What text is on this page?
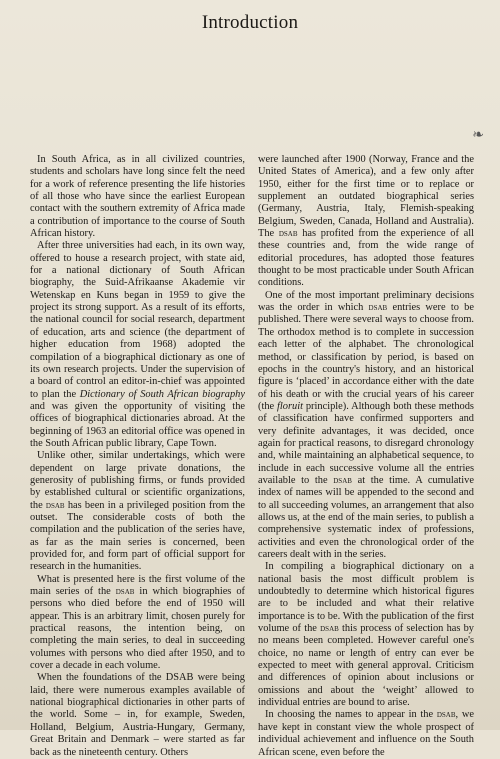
Introduction
❧

In South Africa, as in all civilized countries, students and scholars have long since felt the need for a work of reference presenting the life histories of all those who have since the earliest European contact with the southern extremity of Africa made a contribution of importance to the course of South African history.

After three universities had each, in its own way, offered to house a research project, with state aid, for a national dictionary of South African biography, the Suid-Afrikaanse Akademie vir Wetenskap en Kuns began in 1959 to give the project its strong support. As a result of its efforts, the national council for social research, department of education, arts and science (the department of higher education from 1968) adopted the compilation of a biographical dictionary as one of its own research projects. Under the supervision of a board of control an editor-in-chief was appointed to plan the Dictionary of South African biography and was given the opportunity of visiting the offices of biographical dictionaries abroad. At the beginning of 1963 an editorial office was opened in the South African public library, Cape Town.

Unlike other, similar undertakings, which were dependent on large private donations, the generosity of publishing firms, or funds provided by established cultural or scientific organizations, the dsab has been in a privileged position from the outset. The considerable costs of both the compilation and the publication of the series have, as far as the main series is concerned, been provided for, and form part of official support for research in the humanities.

What is presented here is the first volume of the main series of the dsab in which biographies of persons who died before the end of 1950 will appear. This is an arbitrary limit, chosen purely for practical reasons, the intention being, on completing the main series, to deal in succeeding volumes with persons who died after 1950, and to cover a decade in each volume.

When the foundations of the DSAB were being laid, there were numerous examples available of national biographical dictionaries in other parts of the world. Some – in, for example, Sweden, Holland, Belgium, Austria-Hungary, Germany, Great Britain and Denmark – were started as far back as the nineteenth century. Others

were launched after 1900 (Norway, France and the United States of America), and a few only after 1950, either for the first time or to replace or supplement an outdated biographical series (Germany, Austria, Italy, Flemish-speaking Belgium, Sweden, Canada, Holland and Australia). The dsab has profited from the experience of all these countries and, from the wide range of editorial procedures, has adopted those features thought to be most practicable under South African conditions.

One of the most important preliminary decisions was the order in which dsab entries were to be published. There were several ways to choose from. The orthodox method is to complete in succession each letter of the alphabet. The chronological method, or classification by period, is based on epochs in the country's history, and an historical figure is ‘placed’ in accordance either with the date of his death or with the crucial years of his career (the floruit principle). Although both these methods of classification have confirmed supporters and very definite advantages, it was decided, once again for practical reasons, to disregard chronology and, while maintaining an alphabetical sequence, to include in each successive volume all the entries available to the dsab at the time. A cumulative index of names will be appended to the second and to all succeeding volumes, an arrangement that also allows us, at the end of the main series, to publish a comprehensive systematic index of professions, activities and even the chronological order of the careers dealt with in the series.

In compiling a biographical dictionary on a national basis the most difficult problem is undoubtedly to determine which historical figures are to be included and what their relative importance is to be. With the publication of the first volume of the dsab this process of selection has by no means been completed. However careful one's choice, no name or length of entry can ever be expected to meet with general approval. Criticism and differences of opinion about inclusions or omissions and about the ‘weight’ allowed to individual entries are bound to arise.

In choosing the names to appear in the dsab, we have kept in constant view the whole prospect of individual achievement and influence on the South African scene, even before the
